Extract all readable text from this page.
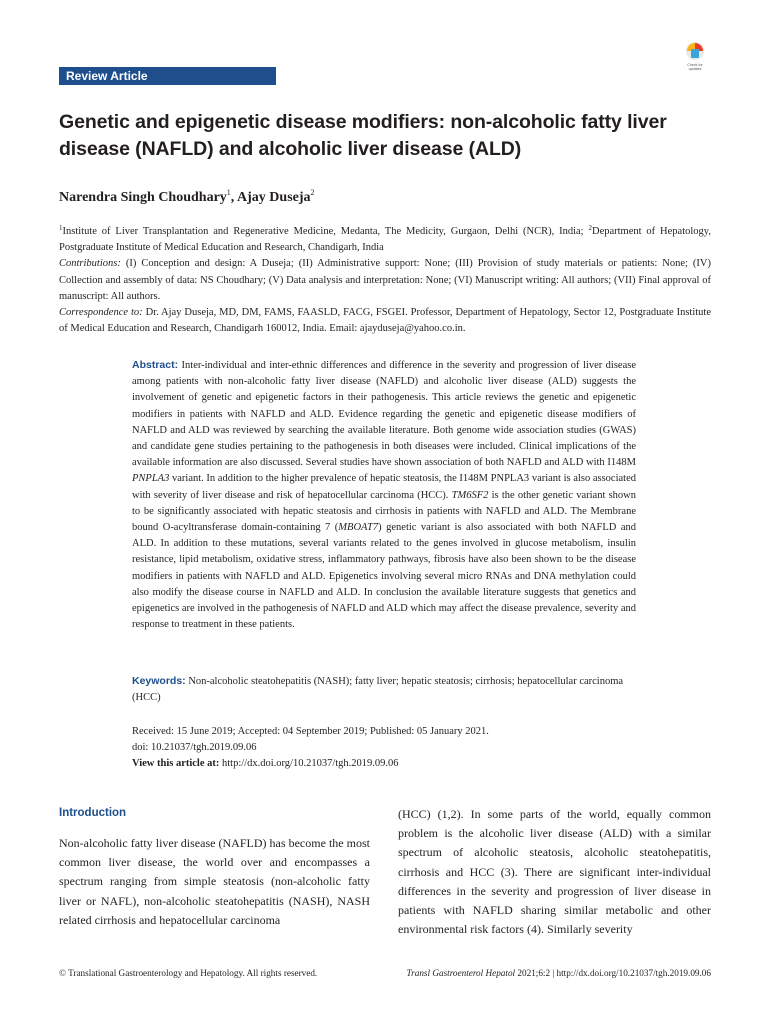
Review Article
Check for
updates
Genetic and epigenetic disease modifiers: non-alcoholic fatty liver disease (NAFLD) and alcoholic liver disease (ALD)
Narendra Singh Choudhary$^1$, Ajay Duseja$^2$

$^1$Institute of Liver Transplantation and Regenerative Medicine, Medanta, The Medicity, Gurgaon, Delhi (NCR), India; $^2$Department of Hepatology, Postgraduate Institute of Medical Education and Research, Chandigarh, India

Contributions: (I) Conception and design: A Duseja; (II) Administrative support: None; (III) Provision of study materials or patients: None; (IV) Collection and assembly of data: NS Choudhary; (V) Data analysis and interpretation: None; (VI) Manuscript writing: All authors; (VII) Final approval of manuscript: All authors.

Correspondence to: Dr. Ajay Duseja, MD, DM, FAMS, FAASLD, FACG, FSGEI. Professor, Department of Hepatology, Sector 12, Postgraduate Institute of Medical Education and Research, Chandigarh 160012, India. Email: ajayduseja@yahoo.co.in.

Abstract: Inter-individual and inter-ethnic differences and difference in the severity and progression of liver disease among patients with non-alcoholic fatty liver disease (NAFLD) and alcoholic liver disease (ALD) suggests the involvement of genetic and epigenetic factors in their pathogenesis. This article reviews the genetic and epigenetic modifiers in patients with NAFLD and ALD. Evidence regarding the genetic and epigenetic disease modifiers of NAFLD and ALD was reviewed by searching the available literature. Both genome wide association studies (GWAS) and candidate gene studies pertaining to the pathogenesis in both diseases were included. Clinical implications of the available information are also discussed. Several studies have shown association of both NAFLD and ALD with I148M PNPLA3 variant. In addition to the higher prevalence of hepatic steatosis, the I148M PNPLA3 variant is also associated with severity of liver disease and risk of hepatocellular carcinoma (HCC). TM6SF2 is the other genetic variant shown to be significantly associated with hepatic steatosis and cirrhosis in patients with NAFLD and ALD. The Membrane bound O-acyltransferase domain-containing 7 (MBOAT7) genetic variant is also associated with both NAFLD and ALD. In addition to these mutations, several variants related to the genes involved in glucose metabolism, insulin resistance, lipid metabolism, oxidative stress, inflammatory pathways, fibrosis have also been shown to be the disease modifiers in patients with NAFLD and ALD. Epigenetics involving several micro RNAs and DNA methylation could also modify the disease course in NAFLD and ALD. In conclusion the available literature suggests that genetics and epigenetics are involved in the pathogenesis of NAFLD and ALD which may affect the disease prevalence, severity and response to treatment in these patients.
Keywords: Non-alcoholic steatohepatitis (NASH); fatty liver; hepatic steatosis; cirrhosis; hepatocellular carcinoma (HCC)
Received: 15 June 2019; Accepted: 04 September 2019; Published: 05 January 2021.
doi: 10.21037/tgh.2019.09.06
View this article at: http://dx.doi.org/10.21037/tgh.2019.09.06
Introduction

Non-alcoholic fatty liver disease (NAFLD) has become the most common liver disease, the world over and encompasses a spectrum ranging from simple steatosis (non-alcoholic fatty liver or NAFL), non-alcoholic steatohepatitis (NASH), NASH related cirrhosis and hepatocellular carcinoma

(HCC) (1,2). In some parts of the world, equally common problem is the alcoholic liver disease (ALD) with a similar spectrum of alcoholic steatosis, alcoholic steatohepatitis, cirrhosis and HCC (3). There are significant inter-individual differences in the severity and progression of liver disease in patients with NAFLD sharing similar metabolic and other environmental risk factors (4). Similarly severity

© Translational Gastroenterology and Hepatology. All rights reserved.	Transl Gastroenterol Hepatol 2021;6:2 | http://dx.doi.org/10.21037/tgh.2019.09.06
